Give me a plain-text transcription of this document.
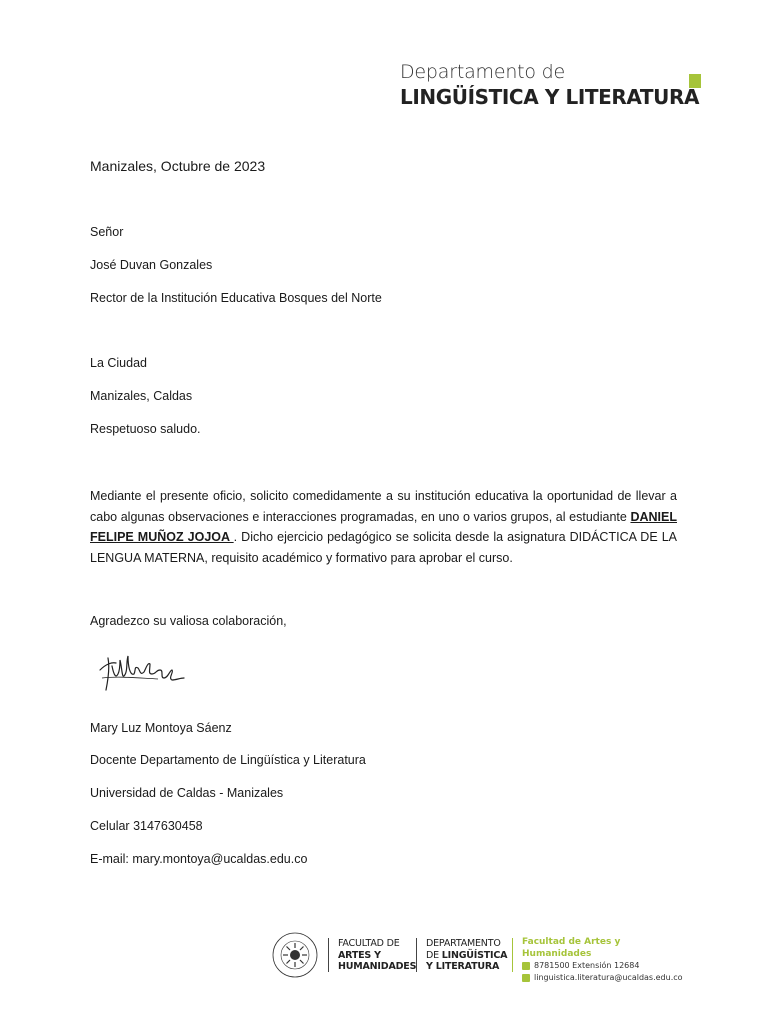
Departamento de
LINGÜÍSTICA Y LITERATURA
Manizales, Octubre de 2023
Señor
José Duvan Gonzales
Rector de la Institución Educativa Bosques del Norte
La Ciudad
Manizales, Caldas
Respetuoso saludo.
Mediante el presente oficio, solicito comedidamente a su institución educativa la oportunidad de llevar a cabo algunas observaciones e interacciones programadas, en uno o varios grupos, al estudiante DANIEL FELIPE MUÑOZ JOJOA . Dicho ejercicio pedagógico se solicita desde la asignatura DIDÁCTICA DE LA LENGUA MATERNA, requisito académico y formativo para aprobar el curso.
Agradezco su valiosa colaboración,
Mary Luz Montoya Sáenz
Docente Departamento de Lingüística y Literatura
Universidad de Caldas - Manizales
Celular 3147630458
E-mail: mary.montoya@ucaldas.edu.co
FACULTAD DE
ARTES Y
HUMANIDADES
DEPARTAMENTO
DE LINGÜÍSTICA
Y LITERATURA
Facultad de Artes y Humanidades
8781500 Extensión 12684
linguistica.literatura@ucaldas.edu.co
